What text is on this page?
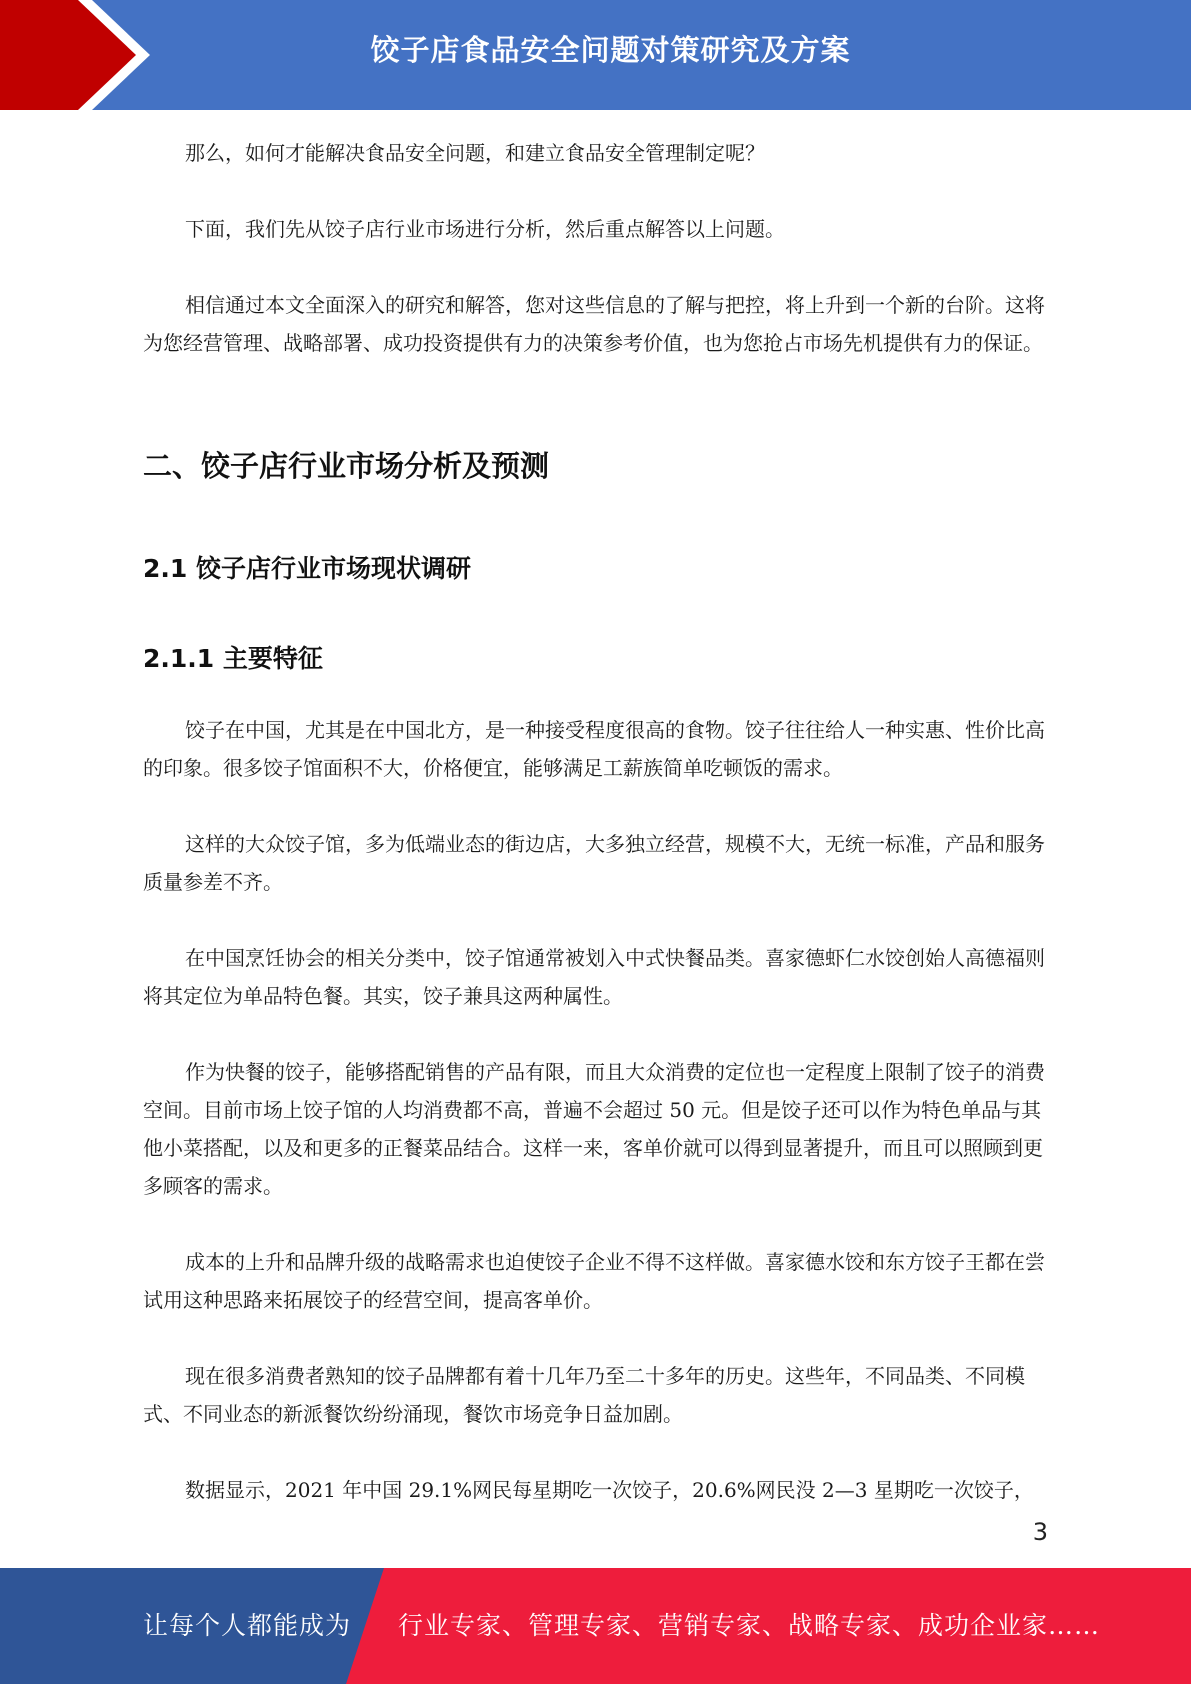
饺子店食品安全问题对策研究及方案

那么，如何才能解决食品安全问题，和建立食品安全管理制定呢？

下面，我们先从饺子店行业市场进行分析，然后重点解答以上问题。

相信通过本文全面深入的研究和解答，您对这些信息的了解与把控，将上升到一个新的台阶。这将为您经营管理、战略部署、成功投资提供有力的决策参考价值，也为您抢占市场先机提供有力的保证。

二、饺子店行业市场分析及预测
2.1 饺子店行业市场现状调研
2.1.1 主要特征

饺子在中国，尤其是在中国北方，是一种接受程度很高的食物。饺子往往给人一种实惠、性价比高的印象。很多饺子馆面积不大，价格便宜，能够满足工薪族简单吃顿饭的需求。

这样的大众饺子馆，多为低端业态的街边店，大多独立经营，规模不大，无统一标准，产品和服务质量参差不齐。

在中国烹饪协会的相关分类中，饺子馆通常被划入中式快餐品类。喜家德虾仁水饺创始人高德福则将其定位为单品特色餐。其实，饺子兼具这两种属性。

作为快餐的饺子，能够搭配销售的产品有限，而且大众消费的定位也一定程度上限制了饺子的消费空间。目前市场上饺子馆的人均消费都不高，普遍不会超过 50 元。但是饺子还可以作为特色单品与其他小菜搭配，以及和更多的正餐菜品结合。这样一来，客单价就可以得到显著提升，而且可以照顾到更多顾客的需求。

成本的上升和品牌升级的战略需求也迫使饺子企业不得不这样做。喜家德水饺和东方饺子王都在尝试用这种思路来拓展饺子的经营空间，提高客单价。

现在很多消费者熟知的饺子品牌都有着十几年乃至二十多年的历史。这些年，不同品类、不同模式、不同业态的新派餐饮纷纷涌现，餐饮市场竞争日益加剧。

数据显示，2021 年中国 29.1%网民每星期吃一次饺子，20.6%网民没 2—3 星期吃一次饺子，

3
让每个人都能成为 行业专家、管理专家、营销专家、战略专家、成功企业家……
